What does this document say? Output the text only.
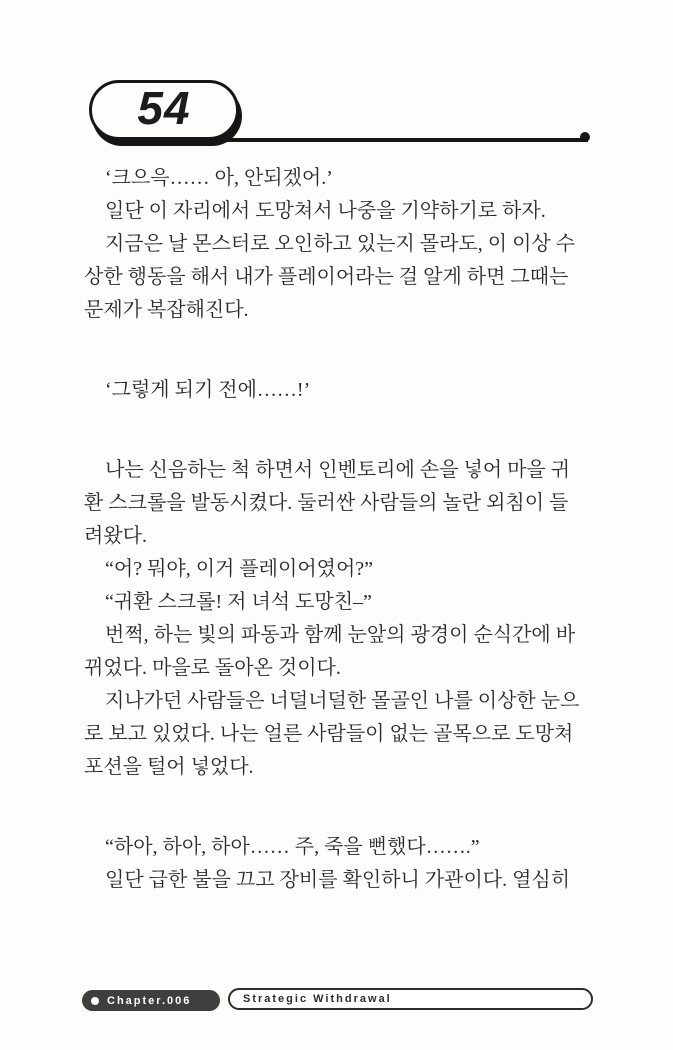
54
‘크으윽…… 아, 안되겠어.’
일단 이 자리에서 도망쳐서 나중을 기약하기로 하자.
지금은 날 몬스터로 오인하고 있는지 몰라도, 이 이상 수
상한 행동을 해서 내가 플레이어라는 걸 알게 하면 그때는
문제가 복잡해진다.
‘그렇게 되기 전에……!’
나는 신음하는 척 하면서 인벤토리에 손을 넣어 마을 귀
환 스크롤을 발동시켰다. 둘러싼 사람들의 놀란 외침이 들
려왔다.
“어? 뭐야, 이거 플레이어였어?”
“귀환 스크롤! 저 녀석 도망친–”
번쩍, 하는 빛의 파동과 함께 눈앞의 광경이 순식간에 바
뀌었다. 마을로 돌아온 것이다.
지나가던 사람들은 너덜너덜한 몰골인 나를 이상한 눈으
로 보고 있었다. 나는 얼른 사람들이 없는 골목으로 도망쳐
포션을 털어 넣었다.
“하아, 하아, 하아…… 주, 죽을 뻔했다…….”
일단 급한 불을 끄고 장비를 확인하니 가관이다. 열심히
Chapter.006	Strategic Withdrawal
